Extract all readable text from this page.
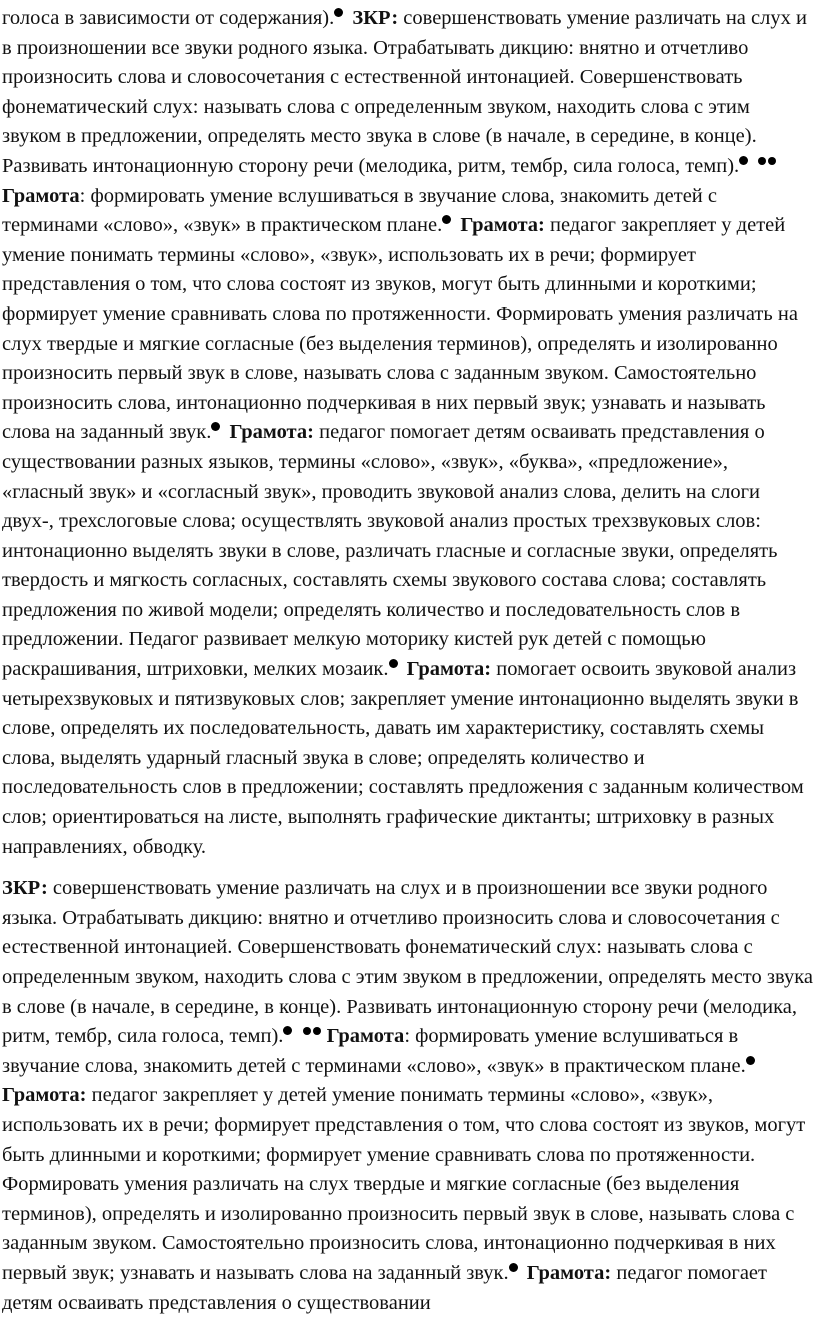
голоса в зависимости от содержания). ЗКР: совершенствовать умение различать на слух и в произношении все звуки родного языка. Отрабатывать дикцию: внятно и отчетливо произносить слова и словосочетания с естественной интонацией. Совершенствовать фонематический слух: называть слова с определенным звуком, находить слова с этим звуком в предложении, определять место звука в слове (в начале, в середине, в конце). Развивать интонационную сторону речи (мелодика, ритм, тембр, сила голоса, темп).  Грамота: формировать умение вслушиваться в звучание слова, знакомить детей с терминами «слово», «звук» в практическом плане. Грамота: педагог закрепляет у детей умение понимать термины «слово», «звук», использовать их в речи; формирует представления о том, что слова состоят из звуков, могут быть длинными и короткими; формирует умение сравнивать слова по протяженности. Формировать умения различать на слух твердые и мягкие согласные (без выделения терминов), определять и изолированно произносить первый звук в слове, называть слова с заданным звуком. Самостоятельно произносить слова, интонационно подчеркивая в них первый звук; узнавать и называть слова на заданный звук. Грамота: педагог помогает детям осваивать представления о существовании разных языков, термины «слово», «звук», «буква», «предложение», «гласный звук» и «согласный звук», проводить звуковой анализ слова, делить на слоги двух-, трехслоговые слова; осуществлять звуковой анализ простых трехзвуковых слов: интонационно выделять звуки в слове, различать гласные и согласные звуки, определять твердость и мягкость согласных, составлять схемы звукового состава слова; составлять предложения по живой модели; определять количество и последовательность слов в предложении. Педагог развивает мелкую моторику кистей рук детей с помощью раскрашивания, штриховки, мелких мозаик. Грамота: помогает освоить звуковой анализ четырехзвуковых и пятизвуковых слов; закрепляет умение интонационно выделять звуки в слове, определять их последовательность, давать им характеристику, составлять схемы слова, выделять ударный гласный звука в слове; определять количество и последовательность слов в предложении; составлять предложения с заданным количеством слов; ориентироваться на листе, выполнять графические диктанты; штриховку в разных направлениях, обводку.

ЗКР: совершенствовать умение различать на слух и в произношении все звуки родного языка. Отрабатывать дикцию: внятно и отчетливо произносить слова и словосочетания с естественной интонацией. Совершенствовать фонематический слух: называть слова с определенным звуком, находить слова с этим звуком в предложении, определять место звука в слове (в начале, в середине, в конце). Развивать интонационную сторону речи (мелодика, ритм, тембр, сила голоса, темп). Грамота: формировать умение вслушиваться в звучание слова, знакомить детей с терминами «слово», «звук» в практическом плане. Грамота: педагог закрепляет у детей умение понимать термины «слово», «звук», использовать их в речи; формирует представления о том, что слова состоят из звуков, могут быть длинными и короткими; формирует умение сравнивать слова по протяженности. Формировать умения различать на слух твердые и мягкие согласные (без выделения терминов), определять и изолированно произносить первый звук в слове, называть слова с заданным звуком. Самостоятельно произносить слова, интонационно подчеркивая в них первый звук; узнавать и называть слова на заданный звук. Грамота: педагог помогает детям осваивать представления о существовании
